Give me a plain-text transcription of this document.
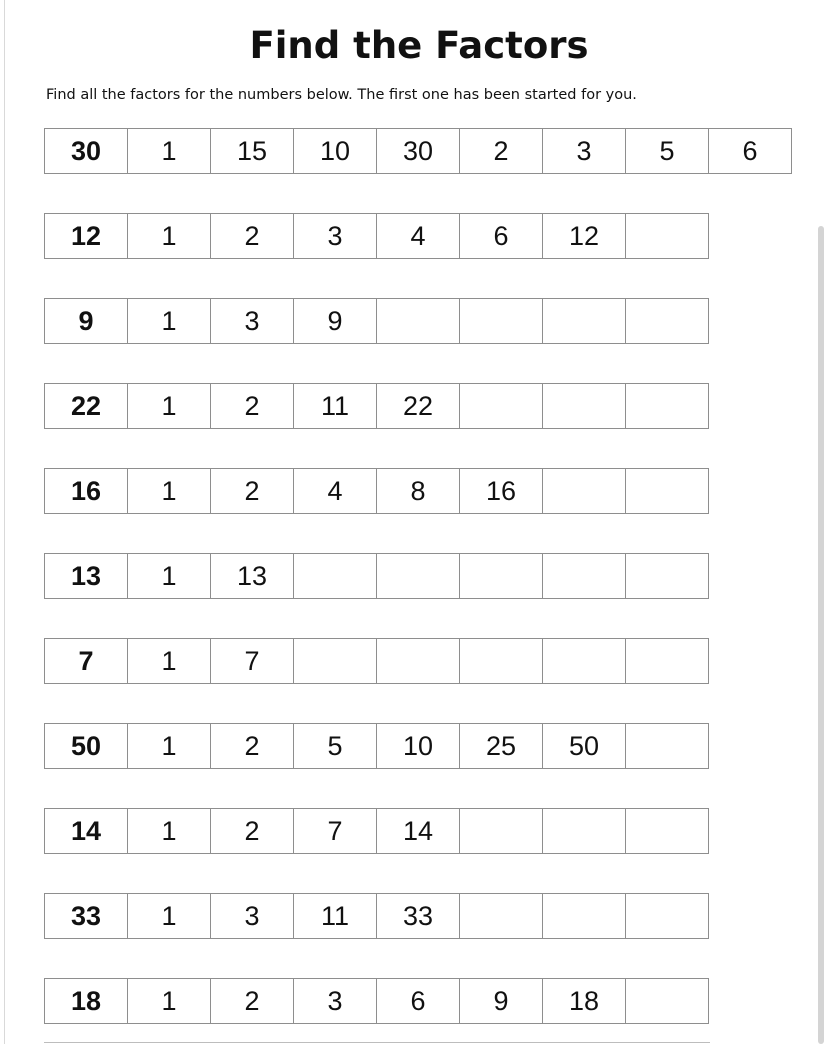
Find the Factors
Find all the factors for the numbers below. The first one has been started for you.
30	1	15	10	30	2	3	5	6
12	1	2	3	4	6	12
9	1	3	9
22	1	2	11	22
16	1	2	4	8	16
13	1	13
7	1	7
50	1	2	5	10	25	50
14	1	2	7	14
33	1	3	11	33
18	1	2	3	6	9	18
